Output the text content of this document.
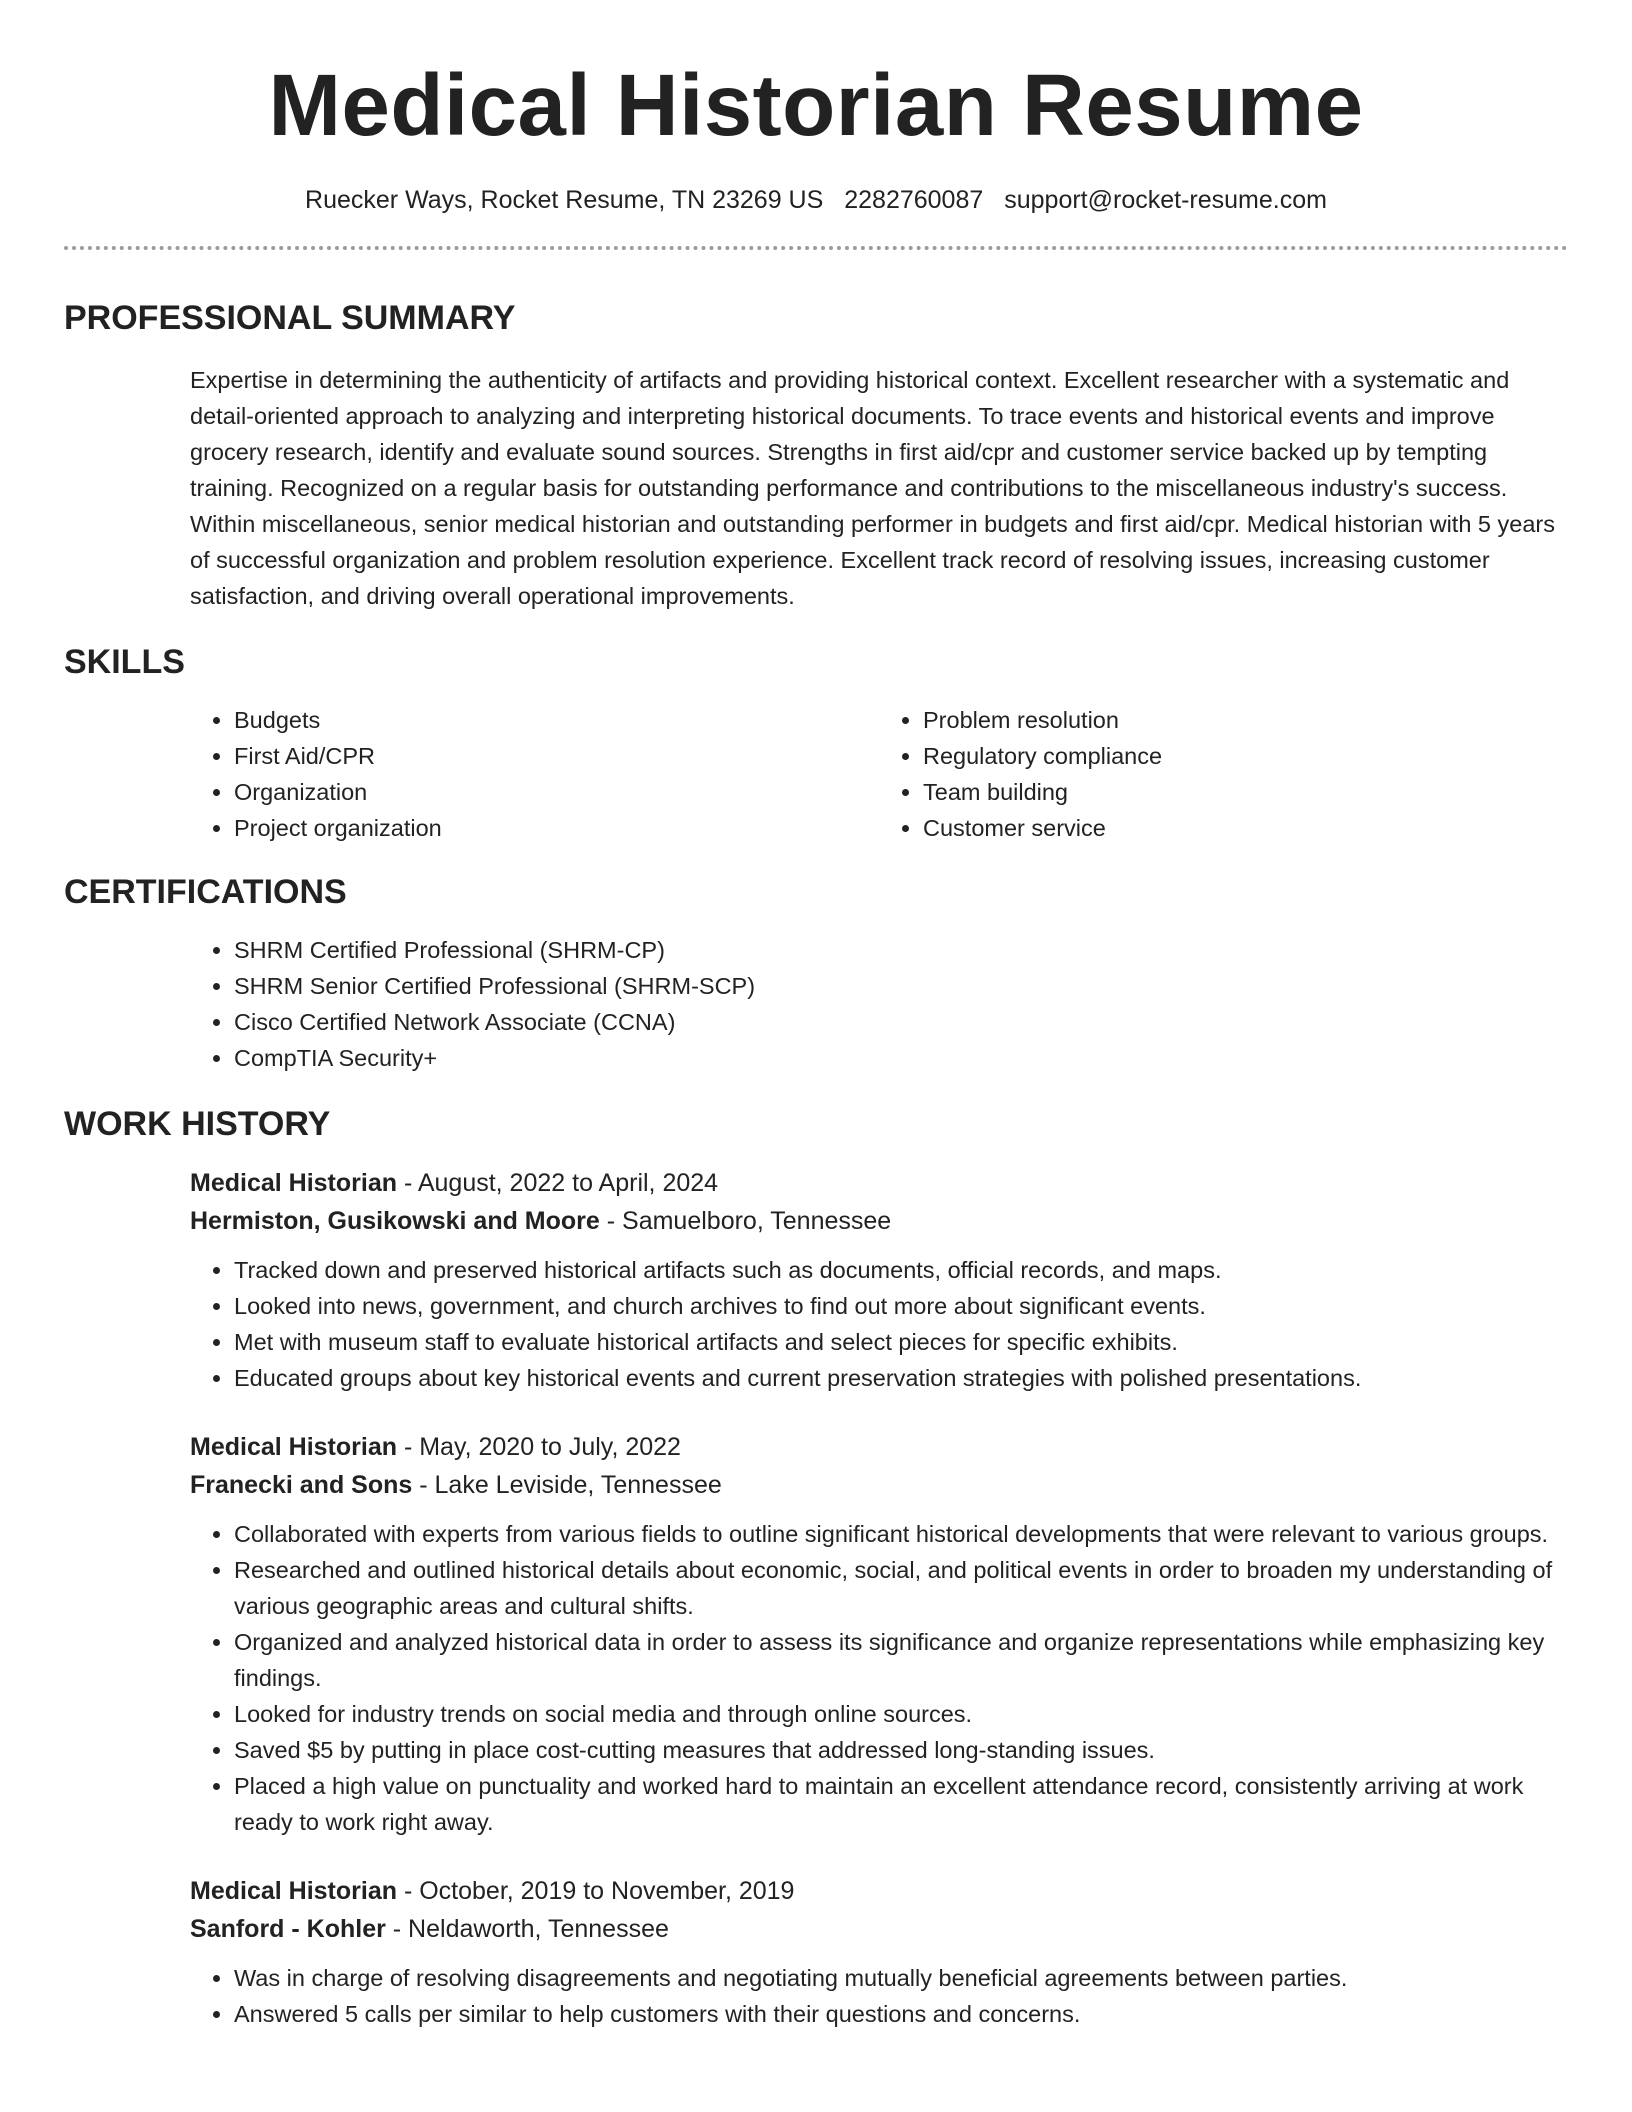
Medical Historian Resume
Ruecker Ways, Rocket Resume, TN 23269 US 2282760087 support@rocket-resume.com
PROFESSIONAL SUMMARY
Expertise in determining the authenticity of artifacts and providing historical context. Excellent researcher with a systematic and detail-oriented approach to analyzing and interpreting historical documents. To trace events and historical events and improve grocery research, identify and evaluate sound sources. Strengths in first aid/cpr and customer service backed up by tempting training. Recognized on a regular basis for outstanding performance and contributions to the miscellaneous industry's success. Within miscellaneous, senior medical historian and outstanding performer in budgets and first aid/cpr. Medical historian with 5 years of successful organization and problem resolution experience. Excellent track record of resolving issues, increasing customer satisfaction, and driving overall operational improvements.
SKILLS
• Budgets
• First Aid/CPR
• Organization
• Project organization
• Problem resolution
• Regulatory compliance
• Team building
• Customer service
CERTIFICATIONS
• SHRM Certified Professional (SHRM-CP)
• SHRM Senior Certified Professional (SHRM-SCP)
• Cisco Certified Network Associate (CCNA)
• CompTIA Security+
WORK HISTORY
Medical Historian - August, 2022 to April, 2024
Hermiston, Gusikowski and Moore - Samuelboro, Tennessee
• Tracked down and preserved historical artifacts such as documents, official records, and maps.
• Looked into news, government, and church archives to find out more about significant events.
• Met with museum staff to evaluate historical artifacts and select pieces for specific exhibits.
• Educated groups about key historical events and current preservation strategies with polished presentations.
Medical Historian - May, 2020 to July, 2022
Franecki and Sons - Lake Leviside, Tennessee
• Collaborated with experts from various fields to outline significant historical developments that were relevant to various groups.
• Researched and outlined historical details about economic, social, and political events in order to broaden my understanding of various geographic areas and cultural shifts.
• Organized and analyzed historical data in order to assess its significance and organize representations while emphasizing key findings.
• Looked for industry trends on social media and through online sources.
• Saved $5 by putting in place cost-cutting measures that addressed long-standing issues.
• Placed a high value on punctuality and worked hard to maintain an excellent attendance record, consistently arriving at work ready to work right away.
Medical Historian - October, 2019 to November, 2019
Sanford - Kohler - Neldaworth, Tennessee
• Was in charge of resolving disagreements and negotiating mutually beneficial agreements between parties.
• Answered 5 calls per similar to help customers with their questions and concerns.
